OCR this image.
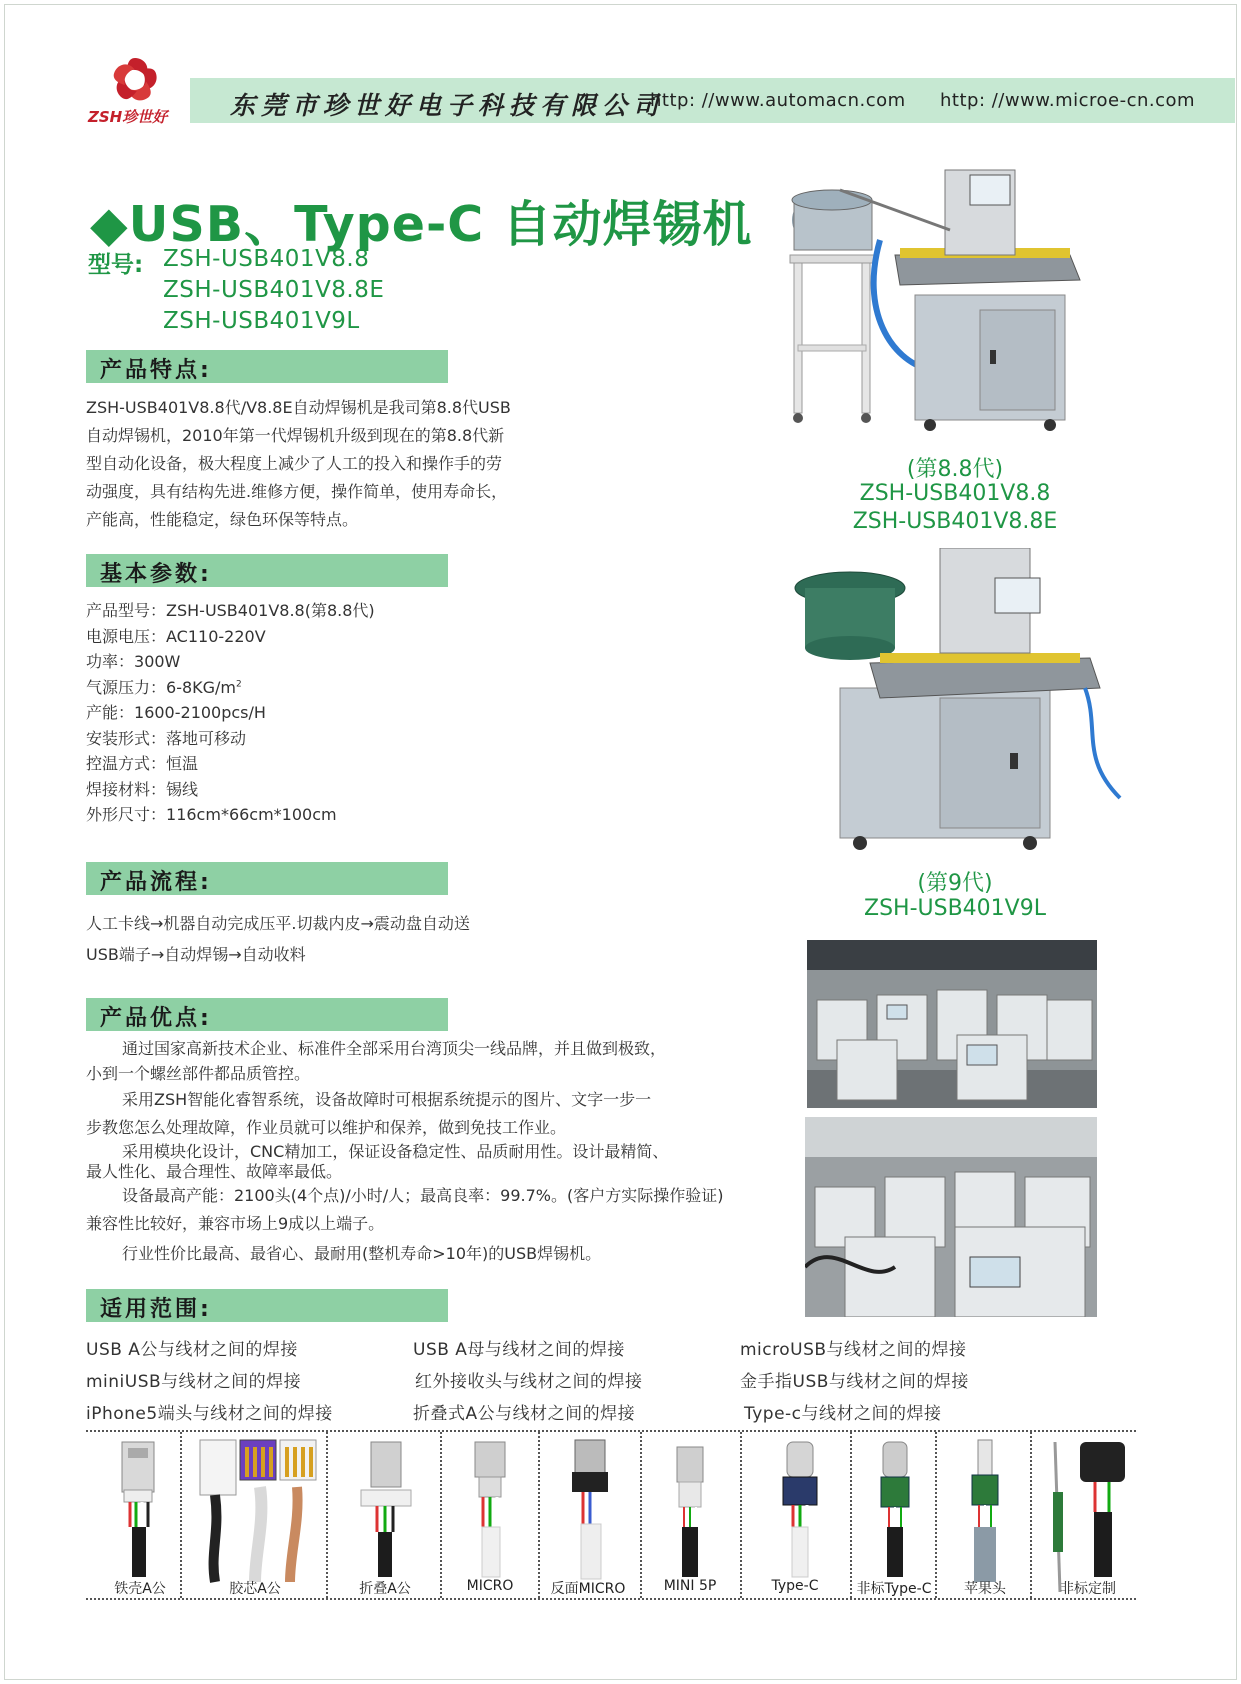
ZSH珍世好	东莞市珍世好电子科技有限公司
http: //www.automacn.com http: //www.microe-cn.com
◆USB、Type-C 自动焊锡机
型号: ZSH-USB401V8.8
ZSH-USB401V8.8E
ZSH-USB401V9L
产品特点:

ZSH-USB401V8.8代/V8.8E自动焊锡机是我司第8.8代USB

自动焊锡机，2010年第一代焊锡机升级到现在的第8.8代新

型自动化设备，极大程度上减少了人工的投入和操作手的劳

动强度，具有结构先进.维修方便，操作简单，使用寿命长，

产能高，性能稳定，绿色环保等特点。

基本参数:
产品型号：ZSH-USB401V8.8(第8.8代)
电源电压：AC110-220V
功率：300W
气源压力：$6-8KG/m^2$
产能：1600-2100pcs/H
安装形式：落地可移动
控温方式：恒温
焊接材料：锡线
外形尺寸：116cm*66cm*100cm
产品流程:

人工卡线→机器自动完成压平.切裁内皮→震动盘自动送

USB端子→自动焊锡→自动收料

产品优点:

通过国家高新技术企业、标准件全部采用台湾顶尖一线品牌，并且做到极致，

小到一个螺丝部件都品质管控。

采用ZSH智能化睿智系统，设备故障时可根据系统提示的图片、文字一步一

步教您怎么处理故障，作业员就可以维护和保养，做到免技工作业。

采用模块化设计，CNC精加工，保证设备稳定性、品质耐用性。设计最精简、

最人性化、最合理性、故障率最低。

设备最高产能：2100头(4个点)/小时/人；最高良率：99.7%。(客户方实际操作验证)

兼容性比较好，兼容市场上9成以上端子。

行业性价比最高、最省心、最耐用(整机寿命>10年)的USB焊锡机。

适用范围:
USB A公与线材之间的焊接	USB A母与线材之间的焊接	microUSB与线材之间的焊接
miniUSB与线材之间的焊接	红外接收头与线材之间的焊接	金手指USB与线材之间的焊接
iPhone5端头与线材之间的焊接	折叠式A公与线材之间的焊接	Type-c与线材之间的焊接
(第8.8代)
ZSH-USB401V8.8
ZSH-USB401V8.8E
(第9代)
ZSH-USB401V9L
铁壳A公	胶芯A公	折叠A公	MICRO	反面MICRO	MINI 5P	Type-C	非标Type-C	苹果头	非标定制
